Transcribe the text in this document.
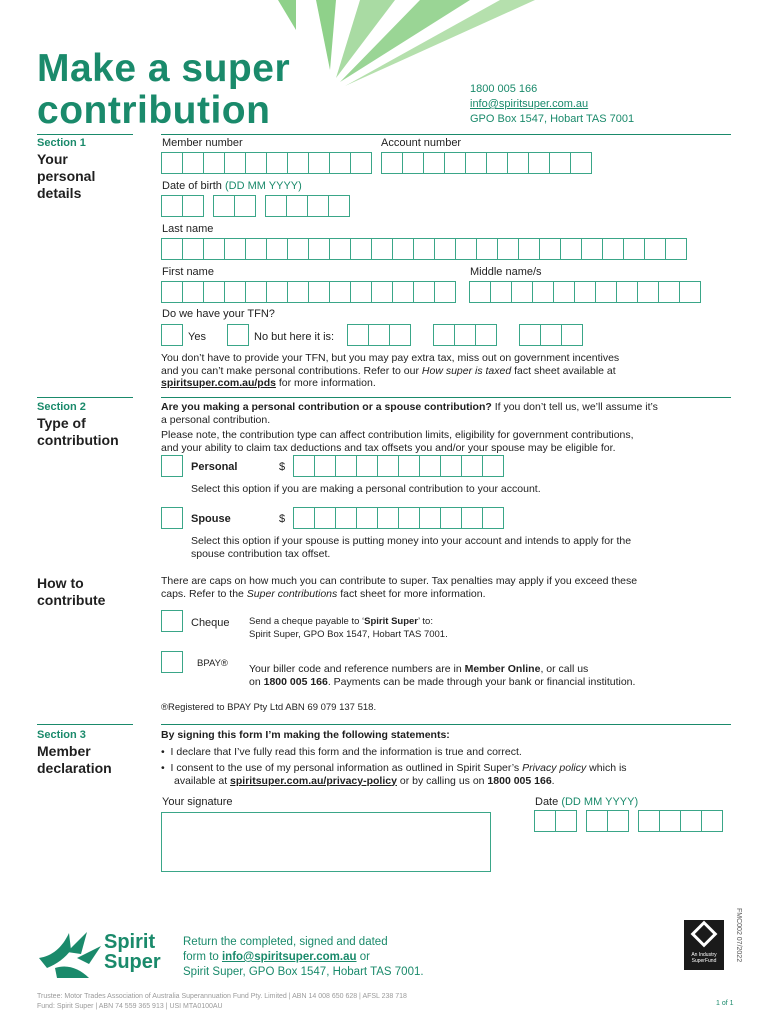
Make a super
contribution	1800 005 166
info@spiritsuper.com.au
GPO Box 1547, Hobart TAS 7001
Section 1
Your personal details
Member number	Account number
Date of birth (DD MM YYYY)
Last name
First name	Middle name/s
Do we have your TFN?
Yes	No but here it is:
You don’t have to provide your TFN, but you may pay extra tax, miss out on government incentives
and you can’t make personal contributions. Refer to our How super is taxed fact sheet available at
spiritsuper.com.au/pds for more information.
Section 2
Type of contribution
Are you making a personal contribution or a spouse contribution? If you don’t tell us, we’ll assume it’s
a personal contribution.
Please note, the contribution type can affect contribution limits, eligibility for government contributions,
and your ability to claim tax deductions and tax offsets you and/or your spouse may be eligible for.
Personal	$
Select this option if you are making a personal contribution to your account.
Spouse	$
Select this option if your spouse is putting money into your account and intends to apply for the
spouse contribution tax offset.
How to contribute
There are caps on how much you can contribute to super. Tax penalties may apply if you exceed these
caps. Refer to the Super contributions fact sheet for more information.
Cheque Send a cheque payable to ‘Spirit Super’ to:
Spirit Super, GPO Box 1547, Hobart TAS 7001.
BPAY® Your biller code and reference numbers are in Member Online, or call us
on 1800 005 166. Payments can be made through your bank or financial institution.
®Registered to BPAY Pty Ltd ABN 69 079 137 518.
Section 3
Member declaration
By signing this form I’m making the following statements:
•  I declare that I’ve fully read this form and the information is true and correct.
•  I consent to the use of my personal information as outlined in Spirit Super’s Privacy policy which is
available at spiritsuper.com.au/privacy-policy or by calling us on 1800 005 166.
Your signature	Date (DD MM YYYY)
Spirit
Super
Return the completed, signed and dated
form to info@spiritsuper.com.au or
Spirit Super, GPO Box 1547, Hobart TAS 7001.
An Industry SuperFund	FMC002 07/2022
Trustee: Motor Trades Association of Australia Superannuation Fund Pty. Limited | ABN 14 008 650 628 | AFSL 238 718
Fund: Spirit Super | ABN 74 559 365 913 | USI MTA0100AU	1 of 1
